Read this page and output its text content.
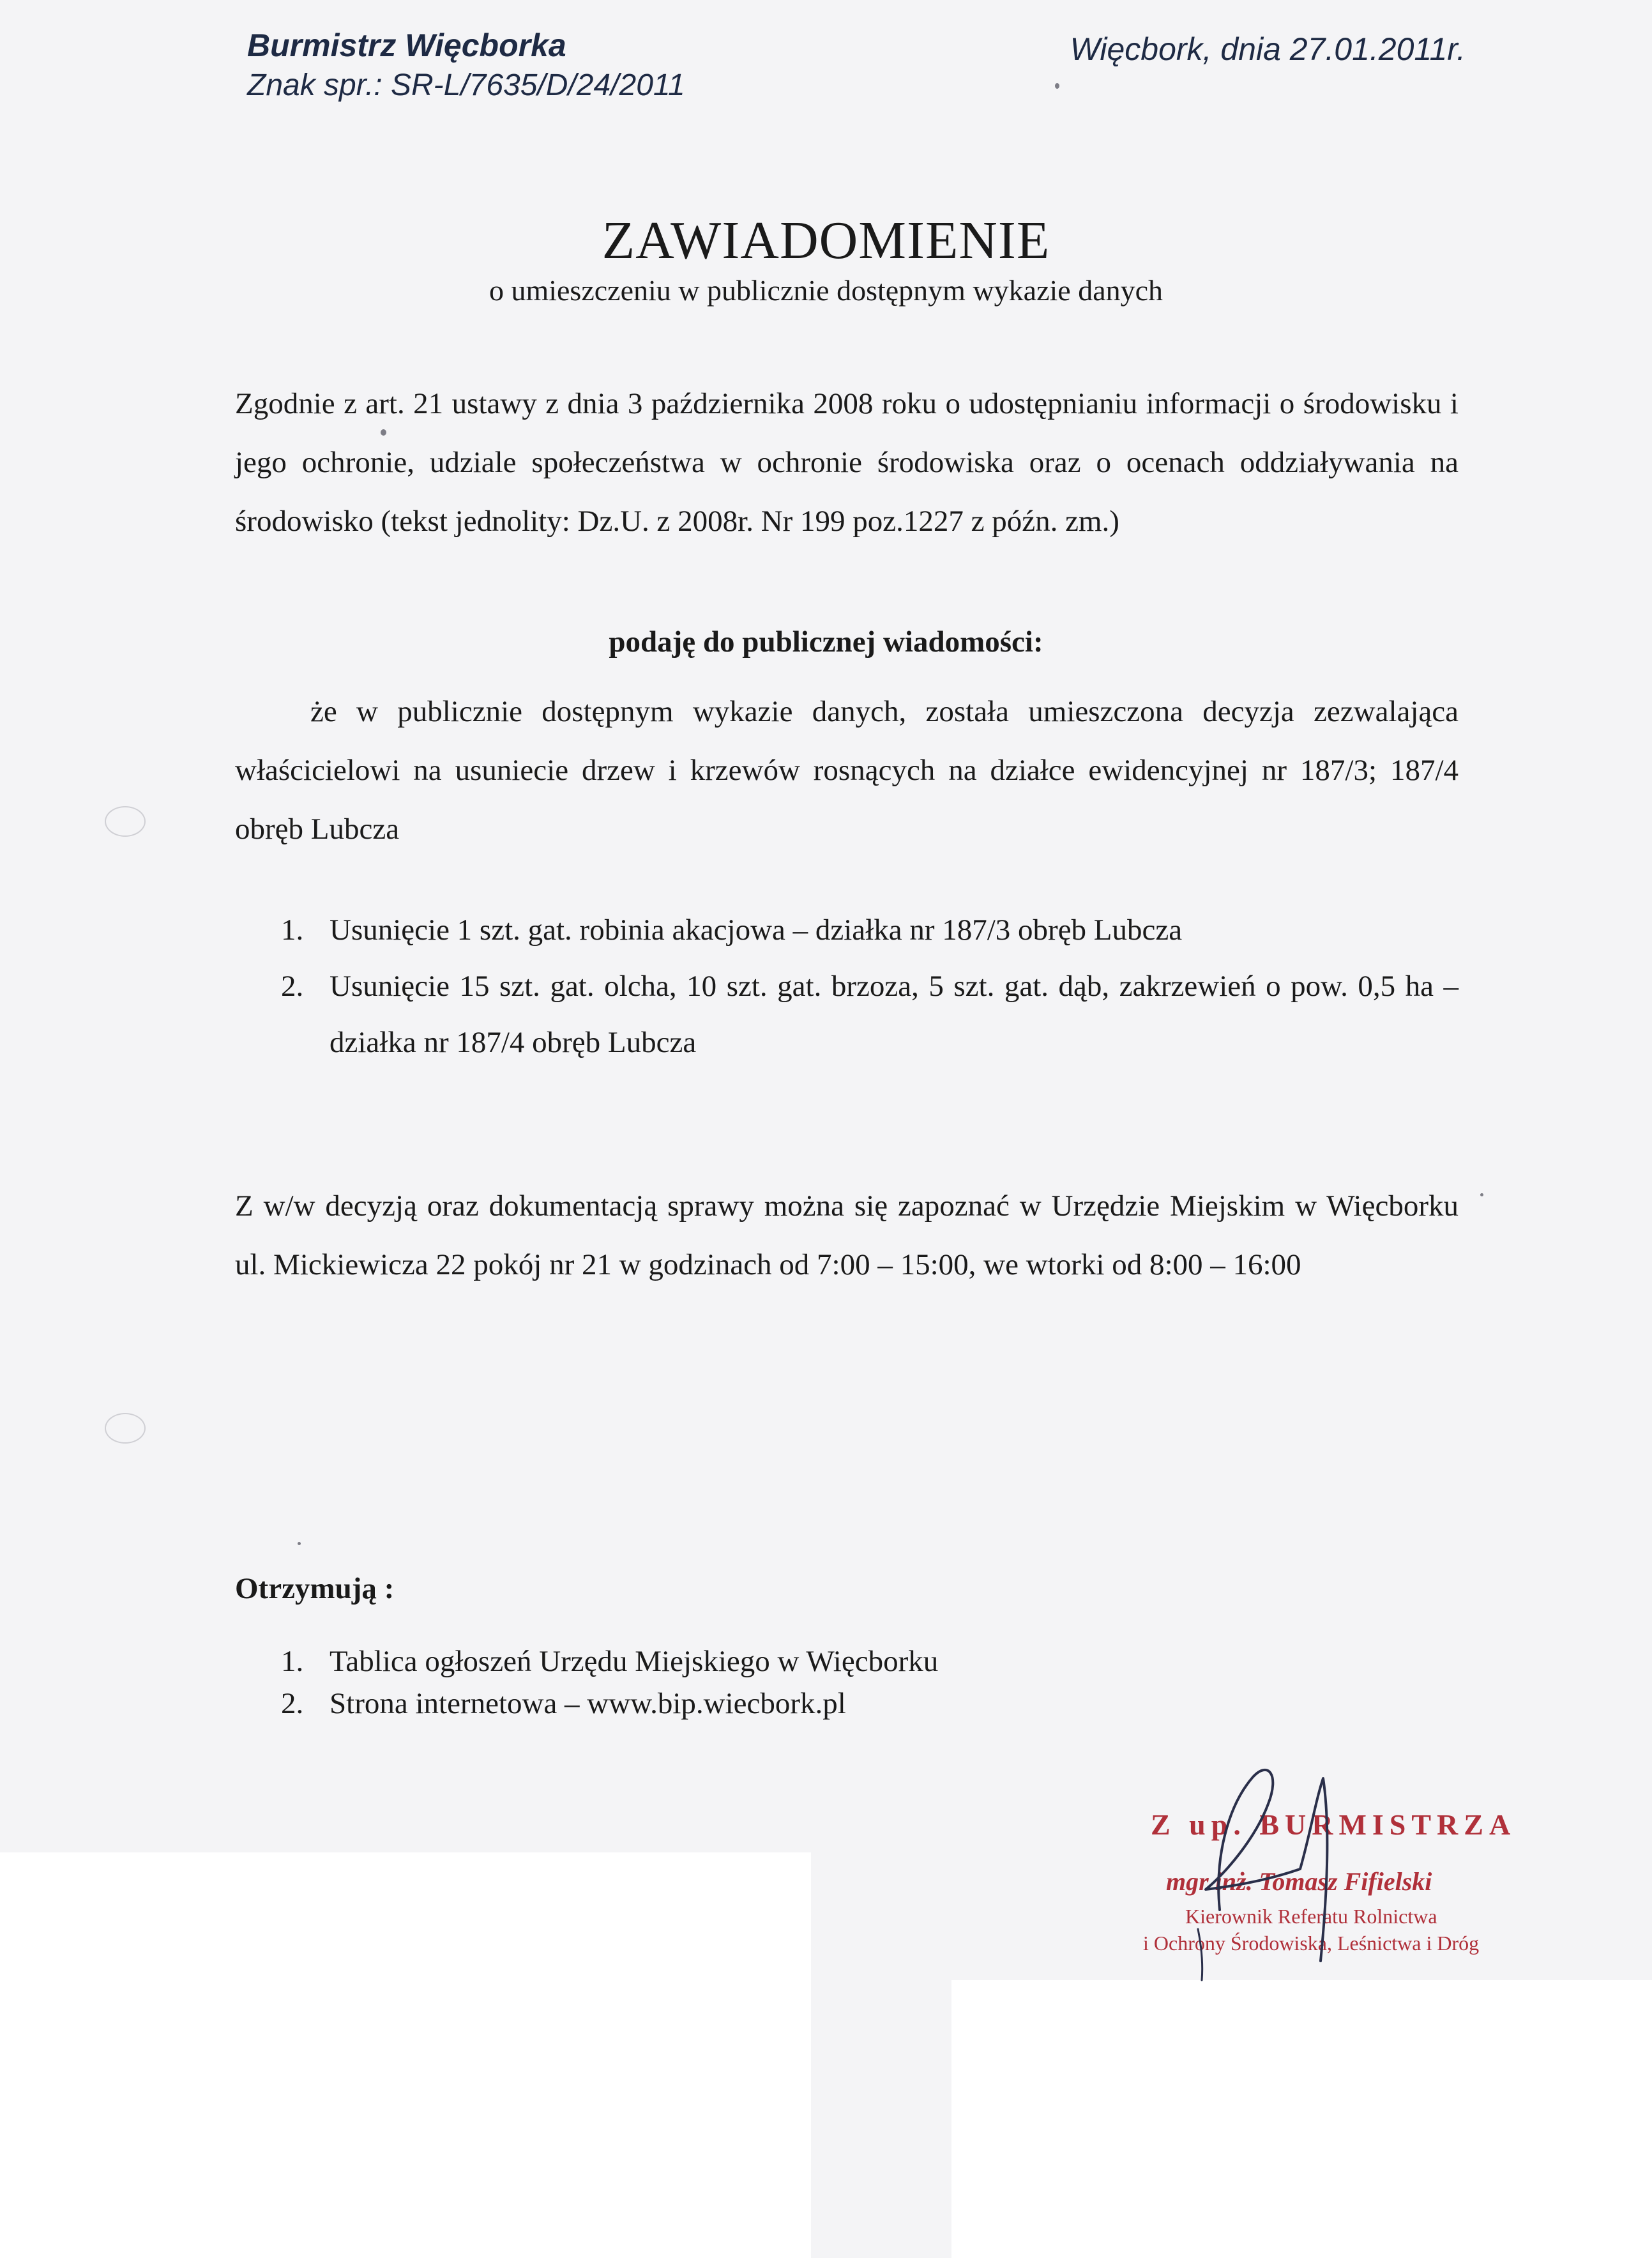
Burmistrz Więcborka
Znak spr.: SR-L/7635/D/24/2011
Więcbork, dnia 27.01.2011r.
ZAWIADOMIENIE
o umieszczeniu w publicznie dostępnym wykazie danych
Zgodnie z art. 21 ustawy z dnia 3 października 2008 roku o udostępnianiu informacji o środowisku i jego ochronie, udziale społeczeństwa w ochronie środowiska oraz o ocenach oddziaływania na środowisko (tekst jednolity: Dz.U. z 2008r. Nr 199 poz.1227 z późn. zm.)
podaję do publicznej wiadomości:
że w publicznie dostępnym wykazie danych, została umieszczona decyzja zezwalająca właścicielowi na usuniecie drzew i krzewów rosnących na działce ewidencyjnej nr 187/3; 187/4 obręb Lubcza
1. Usunięcie 1 szt. gat. robinia akacjowa – działka nr 187/3 obręb Lubcza
2. Usunięcie 15 szt. gat. olcha, 10 szt. gat. brzoza, 5 szt. gat. dąb, zakrzewień o pow. 0,5 ha – działka nr 187/4 obręb Lubcza
Z w/w decyzją oraz dokumentacją sprawy można się zapoznać w Urzędzie Miejskim w Więcborku ul. Mickiewicza 22 pokój nr 21 w godzinach od 7:00 – 15:00, we wtorki od 8:00 – 16:00
Otrzymują :
1. Tablica ogłoszeń Urzędu Miejskiego w Więcborku
2. Strona internetowa – www.bip.wiecbork.pl
Z up. BURMISTRZA
mgr inż. Tomasz Fifielski
Kierownik Referatu Rolnictwa
i Ochrony Środowiska, Leśnictwa i Dróg
